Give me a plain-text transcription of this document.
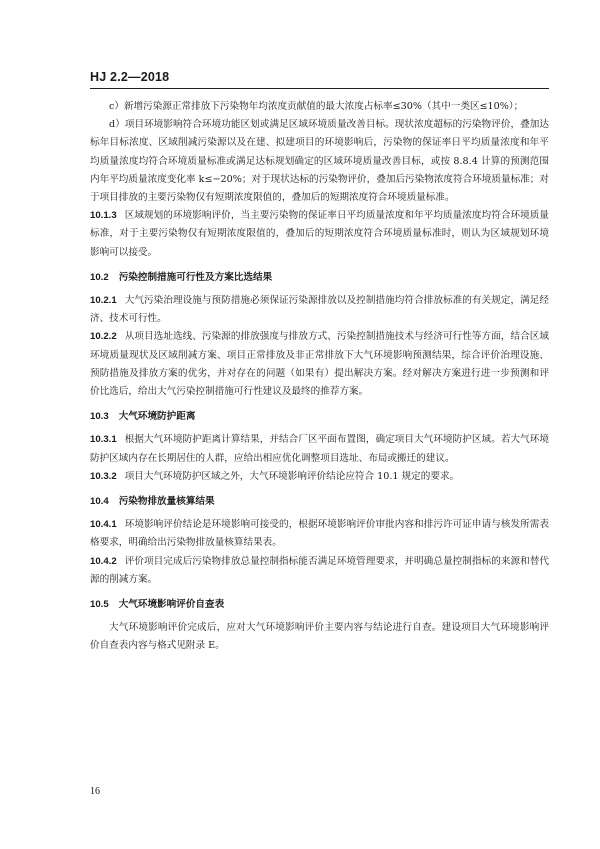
HJ 2.2—2018

c）新增污染源正常排放下污染物年均浓度贡献值的最大浓度占标率≤30%（其中一类区≤10%）；

d）项目环境影响符合环境功能区划或满足区域环境质量改善目标。现状浓度超标的污染物评价，叠加达标年目标浓度、区域削减污染源以及在建、拟建项目的环境影响后，污染物的保证率日平均质量浓度和年平均质量浓度均符合环境质量标准或满足达标规划确定的区域环境质量改善目标，或按 8.8.4 计算的预测范围内年平均质量浓度变化率 k≤−20%；对于现状达标的污染物评价，叠加后污染物浓度符合环境质量标准；对于项目排放的主要污染物仅有短期浓度限值的，叠加后的短期浓度符合环境质量标准。

10.1.3 区域规划的环境影响评价，当主要污染物的保证率日平均质量浓度和年平均质量浓度均符合环境质量标准，对于主要污染物仅有短期浓度限值的，叠加后的短期浓度符合环境质量标准时，则认为区域规划环境影响可以接受。

10.2 污染控制措施可行性及方案比选结果

10.2.1 大气污染治理设施与预防措施必须保证污染源排放以及控制措施均符合排放标准的有关规定，满足经济、技术可行性。

10.2.2 从项目选址选线、污染源的排放强度与排放方式、污染控制措施技术与经济可行性等方面，结合区域环境质量现状及区域削减方案、项目正常排放及非正常排放下大气环境影响预测结果，综合评价治理设施、预防措施及排放方案的优劣，并对存在的问题（如果有）提出解决方案。经对解决方案进行进一步预测和评价比选后，给出大气污染控制措施可行性建议及最终的推荐方案。

10.3 大气环境防护距离

10.3.1 根据大气环境防护距离计算结果，并结合厂区平面布置图，确定项目大气环境防护区域。若大气环境防护区域内存在长期居住的人群，应给出相应优化调整项目选址、布局或搬迁的建议。

10.3.2 项目大气环境防护区域之外，大气环境影响评价结论应符合 10.1 规定的要求。

10.4 污染物排放量核算结果

10.4.1 环境影响评价结论是环境影响可接受的，根据环境影响评价审批内容和排污许可证申请与核发所需表格要求，明确给出污染物排放量核算结果表。

10.4.2 评价项目完成后污染物排放总量控制指标能否满足环境管理要求，并明确总量控制指标的来源和替代源的削减方案。

10.5 大气环境影响评价自查表

大气环境影响评价完成后，应对大气环境影响评价主要内容与结论进行自查。建设项目大气环境影响评价自查表内容与格式见附录 E。

16
